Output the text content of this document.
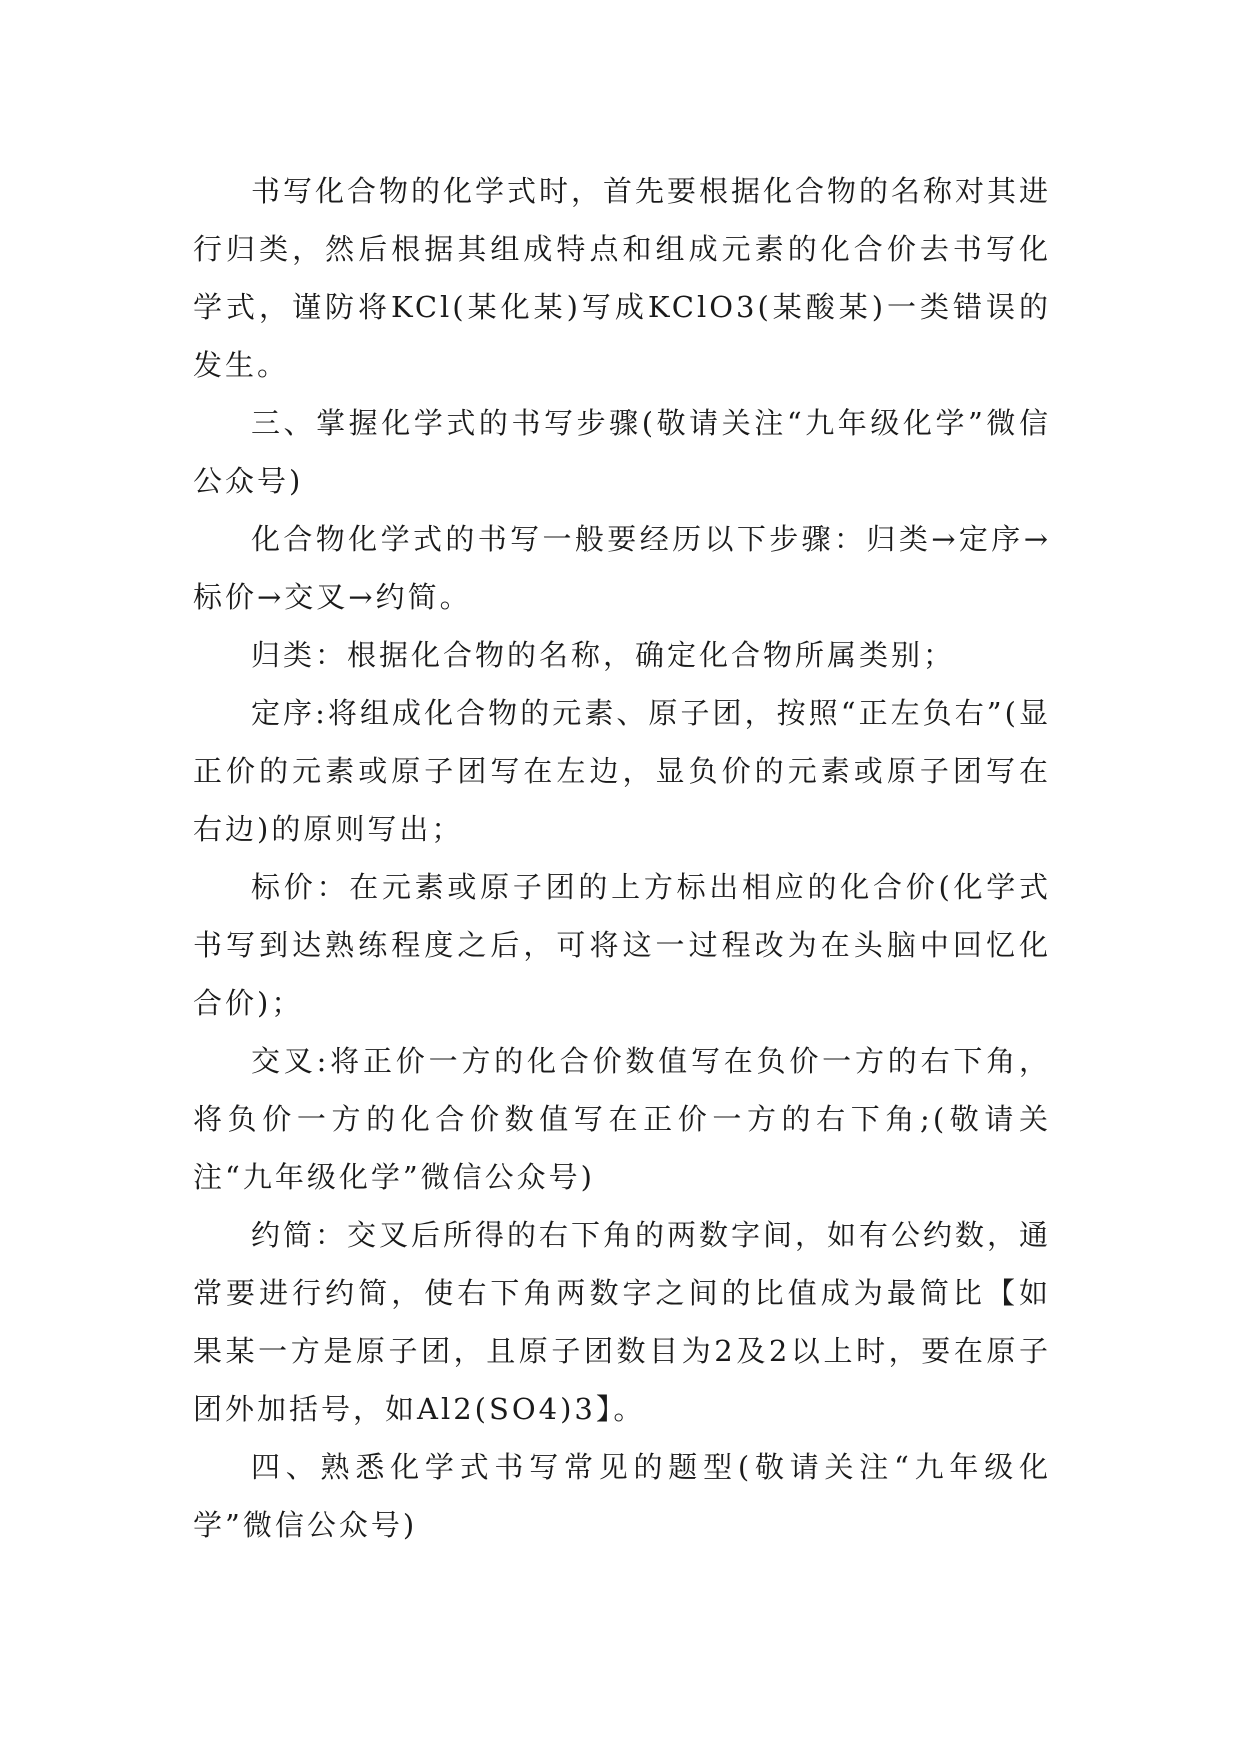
书写化合物的化学式时，首先要根据化合物的名称对其进行归类，然后根据其组成特点和组成元素的化合价去书写化学式，谨防将KCl(某化某)写成KClO3(某酸某)一类错误的发生。

三、掌握化学式的书写步骤(敬请关注“九年级化学”微信公众号)

化合物化学式的书写一般要经历以下步骤：归类→定序→标价→交叉→约简。

归类：根据化合物的名称，确定化合物所属类别；

定序:将组成化合物的元素、原子团，按照“正左负右”(显正价的元素或原子团写在左边，显负价的元素或原子团写在右边)的原则写出；

标价：在元素或原子团的上方标出相应的化合价(化学式书写到达熟练程度之后，可将这一过程改为在头脑中回忆化合价)；

交叉:将正价一方的化合价数值写在负价一方的右下角，将负价一方的化合价数值写在正价一方的右下角;(敬请关注“九年级化学”微信公众号)

约简：交叉后所得的右下角的两数字间，如有公约数，通常要进行约简，使右下角两数字之间的比值成为最简比【如果某一方是原子团，且原子团数目为2及2以上时，要在原子团外加括号，如Al2(SO4)3】。

四、熟悉化学式书写常见的题型(敬请关注“九年级化学”微信公众号)
